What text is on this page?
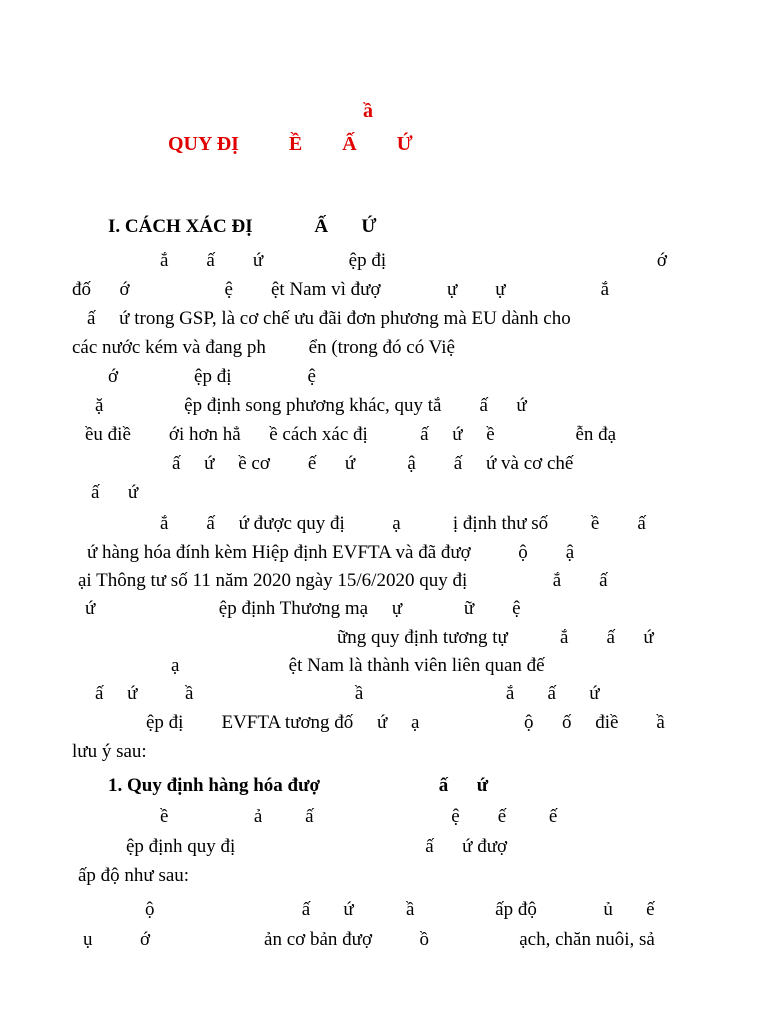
ầ
QUY ĐỊ          Ề        Ấ        Ứ
I. CÁCH XÁC ĐỊ             Ấ       Ứ
ắ        ấ        ứ                  ệp đị                                                         ớ
đố      ớ                    ệ        ệt Nam vì đượ              ự        ự                    ắ
ấ     ứ trong GSP, là cơ chế ưu đãi đơn phương mà EU dành cho
các nước kém và đang ph         ển (trong đó có Việ
ớ                ệp đị                ệ
ặ                 ệp định song phương khác, quy tắ        ấ      ứ
ều điề        ới hơn hẳ      ề cách xác đị           ấ     ứ     ề                 ễn đạ
ấ     ứ     ề cơ        ế      ứ           ậ        ấ     ứ và cơ chế
ấ      ứ
ắ        ấ     ứ được quy đị          ạ           ị định thư số         ề        ấ
ứ hàng hóa đính kèm Hiệp định EVFTA và đã đượ          ộ        ậ
ại Thông tư số 11 năm 2020 ngày 15/6/2020 quy đị                  ắ        ấ
ứ                          ệp định Thương mạ     ự             ữ        ệ
ững quy định tương tự           ắ        ấ      ứ
ạ                       ệt Nam là thành viên liên quan đế
ấ     ứ          ầ                                  ầ                              ắ       ấ       ứ
ệp đị        EVFTA tương đố     ứ     ạ                      ộ      ố     điề        ầ
lưu ý sau:
1. Quy định hàng hóa đượ                         ấ      ứ
ề                  ả         ấ                             ệ        ế         ế
ệp định quy đị                                        ấ      ứ đượ
ấp độ như sau:
ộ                               ấ       ứ           ầ                 ấp độ              ủ       ế
ụ          ớ                        ản cơ bản đượ          ồ                   ạch, chăn nuôi, sả
